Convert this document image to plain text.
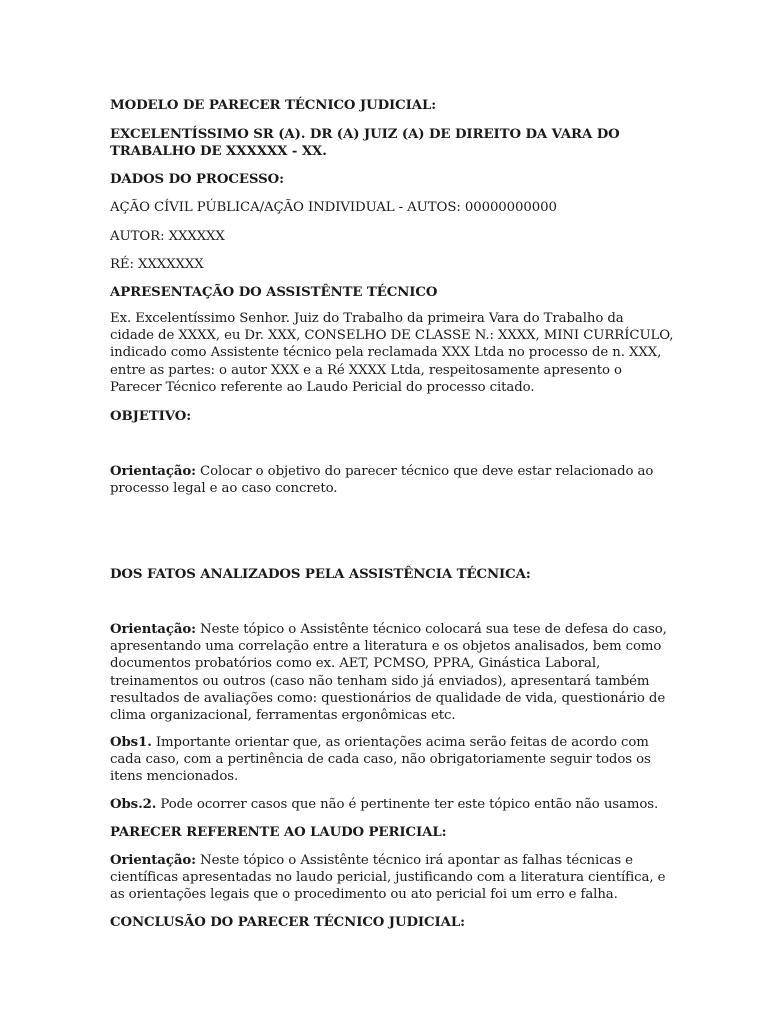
MODELO DE PARECER TÉCNICO JUDICIAL:
EXCELENTÍSSIMO SR (A). DR (A) JUIZ (A) DE DIREITO DA VARA DO
TRABALHO DE XXXXXX - XX.
DADOS DO PROCESSO:
AÇÃO CÍVIL PÚBLICA/AÇÃO INDIVIDUAL - AUTOS: 00000000000
AUTOR: XXXXXX
RÉ: XXXXXXX
APRESENTAÇÃO DO ASSISTÊNTE TÉCNICO
Ex. Excelentíssimo Senhor. Juiz do Trabalho da primeira Vara do Trabalho da
cidade de XXXX, eu Dr. XXX, CONSELHO DE CLASSE N.: XXXX, MINI CURRÍCULO,
indicado como Assistente técnico pela reclamada XXX Ltda no processo de n. XXX,
entre as partes: o autor XXX e a Ré XXXX Ltda, respeitosamente apresento o
Parecer Técnico referente ao Laudo Pericial do processo citado.
OBJETIVO:
Orientação: Colocar o objetivo do parecer técnico que deve estar relacionado ao
processo legal e ao caso concreto.
DOS FATOS ANALIZADOS PELA ASSISTÊNCIA TÉCNICA:
Orientação: Neste tópico o Assistênte técnico colocará sua tese de defesa do caso,
apresentando uma correlação entre a literatura e os objetos analisados, bem como
documentos probatórios como ex. AET, PCMSO, PPRA, Ginástica Laboral,
treinamentos ou outros (caso não tenham sido já enviados), apresentará também
resultados de avaliações como: questionários de qualidade de vida, questionário de
clima organizacional, ferramentas ergonômicas etc.
Obs1. Importante orientar que, as orientações acima serão feitas de acordo com
cada caso, com a pertinência de cada caso, não obrigatoriamente seguir todos os
itens mencionados.
Obs.2. Pode ocorrer casos que não é pertinente ter este tópico então não usamos.
PARECER REFERENTE AO LAUDO PERICIAL:
Orientação: Neste tópico o Assistênte técnico irá apontar as falhas técnicas e
científicas apresentadas no laudo pericial, justificando com a literatura científica, e
as orientações legais que o procedimento ou ato pericial foi um erro e falha.
CONCLUSÃO DO PARECER TÉCNICO JUDICIAL:
